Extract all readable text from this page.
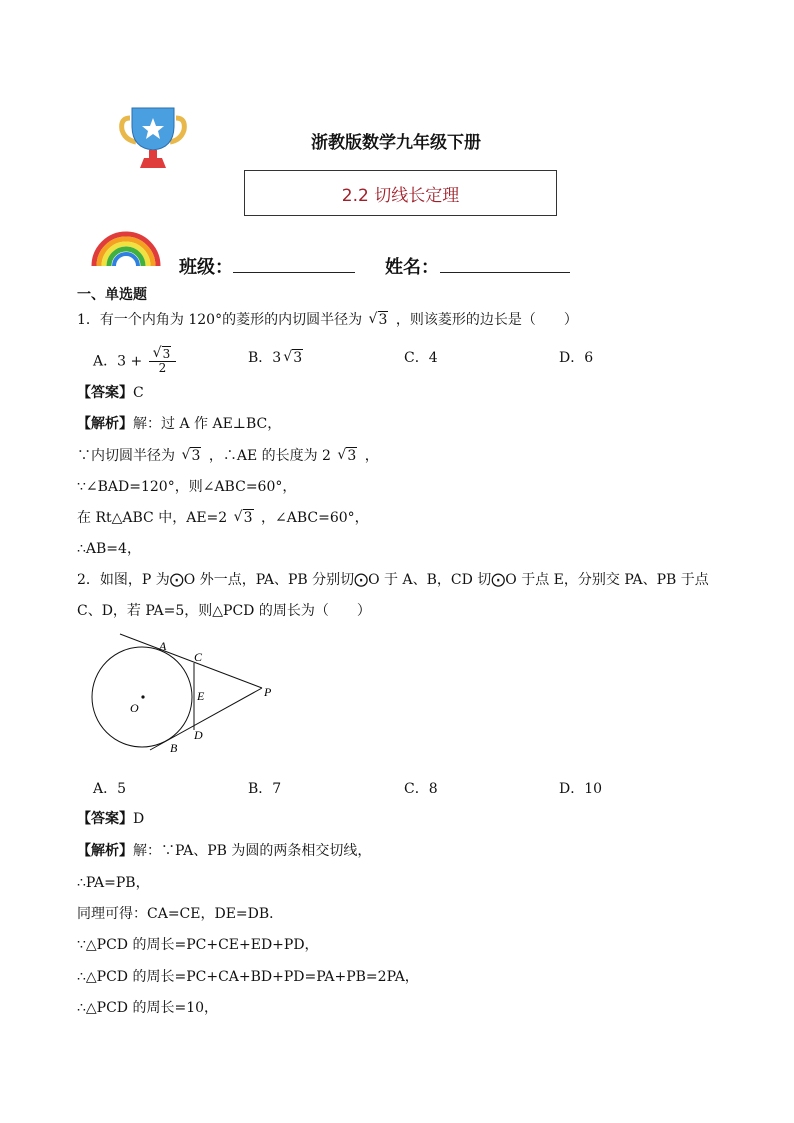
浙教版数学九年级下册
2.2 切线长定理
班级：	姓名：
一、单选题
1．有一个内角为 120°的菱形的内切圆半径为 √ 3 ，则该菱形的边长是（　　）
A．3 + √ $\frac{3}{2}$	B．3 √ 3	C．4	D．6
【答案】C
【解析】解：过 A 作 AE⊥BC，
∵内切圆半径为 √ 3 ，∴AE 的长度为 2 √ 3 ，
∵∠BAD=120°，则∠ABC=60°，
在 Rt△ABC 中，AE=2 √ 3 ，∠ABC=60°，
∴AB=4，
2．如图，P 为⨀O 外一点，PA、PB 分别切⨀O 于 A、B，CD 切⨀O 于点 E，分别交 PA、PB 于点
C、D，若 PA=5，则△PCD 的周长为（　　）
A
C
E	P
O
D
B
A．5	B．7	C．8	D．10
【答案】D
【解析】解：∵PA、PB 为圆的两条相交切线，
∴PA=PB，
同理可得：CA=CE，DE=DB．
∵△PCD 的周长=PC+CE+ED+PD，
∴△PCD 的周长=PC+CA+BD+PD=PA+PB=2PA，
∴△PCD 的周长=10，
